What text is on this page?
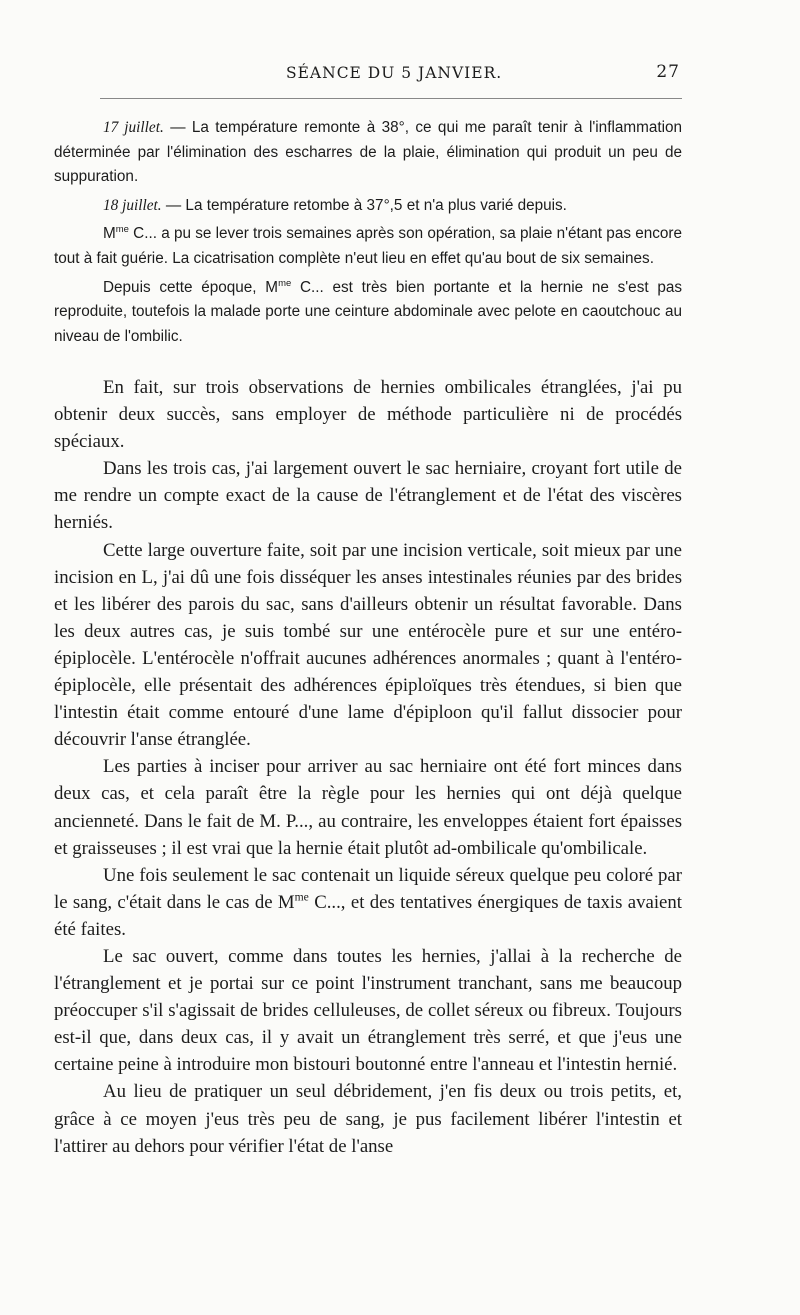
SÉANCE DU 5 JANVIER.	27

17 juillet. — La température remonte à 38°, ce qui me paraît tenir à l'inflammation déterminée par l'élimination des escharres de la plaie, élimination qui produit un peu de suppuration.

18 juillet. — La température retombe à 37°,5 et n'a plus varié depuis.

$M^{me}$ C... a pu se lever trois semaines après son opération, sa plaie n'étant pas encore tout à fait guérie. La cicatrisation complète n'eut lieu en effet qu'au bout de six semaines.

Depuis cette époque, $M^{me}$ C... est très bien portante et la hernie ne s'est pas reproduite, toutefois la malade porte une ceinture abdominale avec pelote en caoutchouc au niveau de l'ombilic.

En fait, sur trois observations de hernies ombilicales étranglées, j'ai pu obtenir deux succès, sans employer de méthode particulière ni de procédés spéciaux.

Dans les trois cas, j'ai largement ouvert le sac herniaire, croyant fort utile de me rendre un compte exact de la cause de l'étranglement et de l'état des viscères herniés.

Cette large ouverture faite, soit par une incision verticale, soit mieux par une incision en L, j'ai dû une fois disséquer les anses intestinales réunies par des brides et les libérer des parois du sac, sans d'ailleurs obtenir un résultat favorable. Dans les deux autres cas, je suis tombé sur une entérocèle pure et sur une entéro-épiplocèle. L'entérocèle n'offrait aucunes adhérences anormales ; quant à l'entéro-épiplocèle, elle présentait des adhérences épiploïques très étendues, si bien que l'intestin était comme entouré d'une lame d'épiploon qu'il fallut dissocier pour découvrir l'anse étranglée.

Les parties à inciser pour arriver au sac herniaire ont été fort minces dans deux cas, et cela paraît être la règle pour les hernies qui ont déjà quelque ancienneté. Dans le fait de M. P..., au contraire, les enveloppes étaient fort épaisses et graisseuses ; il est vrai que la hernie était plutôt ad-ombilicale qu'ombilicale.

Une fois seulement le sac contenait un liquide séreux quelque peu coloré par le sang, c'était dans le cas de $M^{me}$ C..., et des tentatives énergiques de taxis avaient été faites.

Le sac ouvert, comme dans toutes les hernies, j'allai à la recherche de l'étranglement et je portai sur ce point l'instrument tranchant, sans me beaucoup préoccuper s'il s'agissait de brides celluleuses, de collet séreux ou fibreux. Toujours est-il que, dans deux cas, il y avait un étranglement très serré, et que j'eus une certaine peine à introduire mon bistouri boutonné entre l'anneau et l'intestin hernié.

Au lieu de pratiquer un seul débridement, j'en fis deux ou trois petits, et, grâce à ce moyen j'eus très peu de sang, je pus facilement libérer l'intestin et l'attirer au dehors pour vérifier l'état de l'anse
